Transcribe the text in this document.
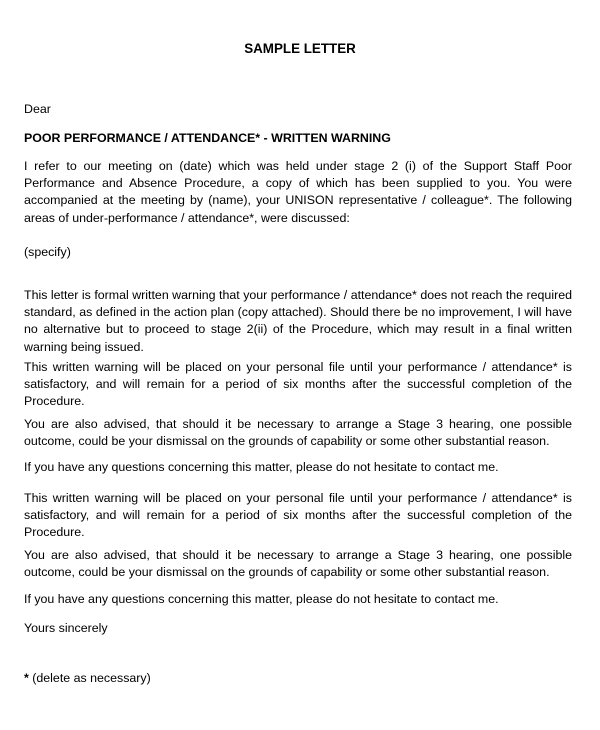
SAMPLE LETTER

Dear

POOR PERFORMANCE / ATTENDANCE* - WRITTEN WARNING

I refer to our meeting on (date) which was held under stage 2 (i) of the Support Staff Poor Performance and Absence Procedure, a copy of which has been supplied to you. You were accompanied at the meeting by (name), your UNISON representative / colleague*. The following areas of under-performance / attendance*, were discussed:

(specify)

This letter is formal written warning that your performance / attendance* does not reach the required standard, as defined in the action plan (copy attached). Should there be no improvement, I will have no alternative but to proceed to stage 2(ii) of the Procedure, which may result in a final written warning being issued.

This written warning will be placed on your personal file until your performance / attendance* is satisfactory, and will remain for a period of six months after the successful completion of the Procedure.

You are also advised, that should it be necessary to arrange a Stage 3 hearing, one possible outcome, could be your dismissal on the grounds of capability or some other substantial reason.

If you have any questions concerning this matter, please do not hesitate to contact me.

This written warning will be placed on your personal file until your performance / attendance* is satisfactory, and will remain for a period of six months after the successful completion of the Procedure.

You are also advised, that should it be necessary to arrange a Stage 3 hearing, one possible outcome, could be your dismissal on the grounds of capability or some other substantial reason.

If you have any questions concerning this matter, please do not hesitate to contact me.

Yours sincerely

* (delete as necessary)
